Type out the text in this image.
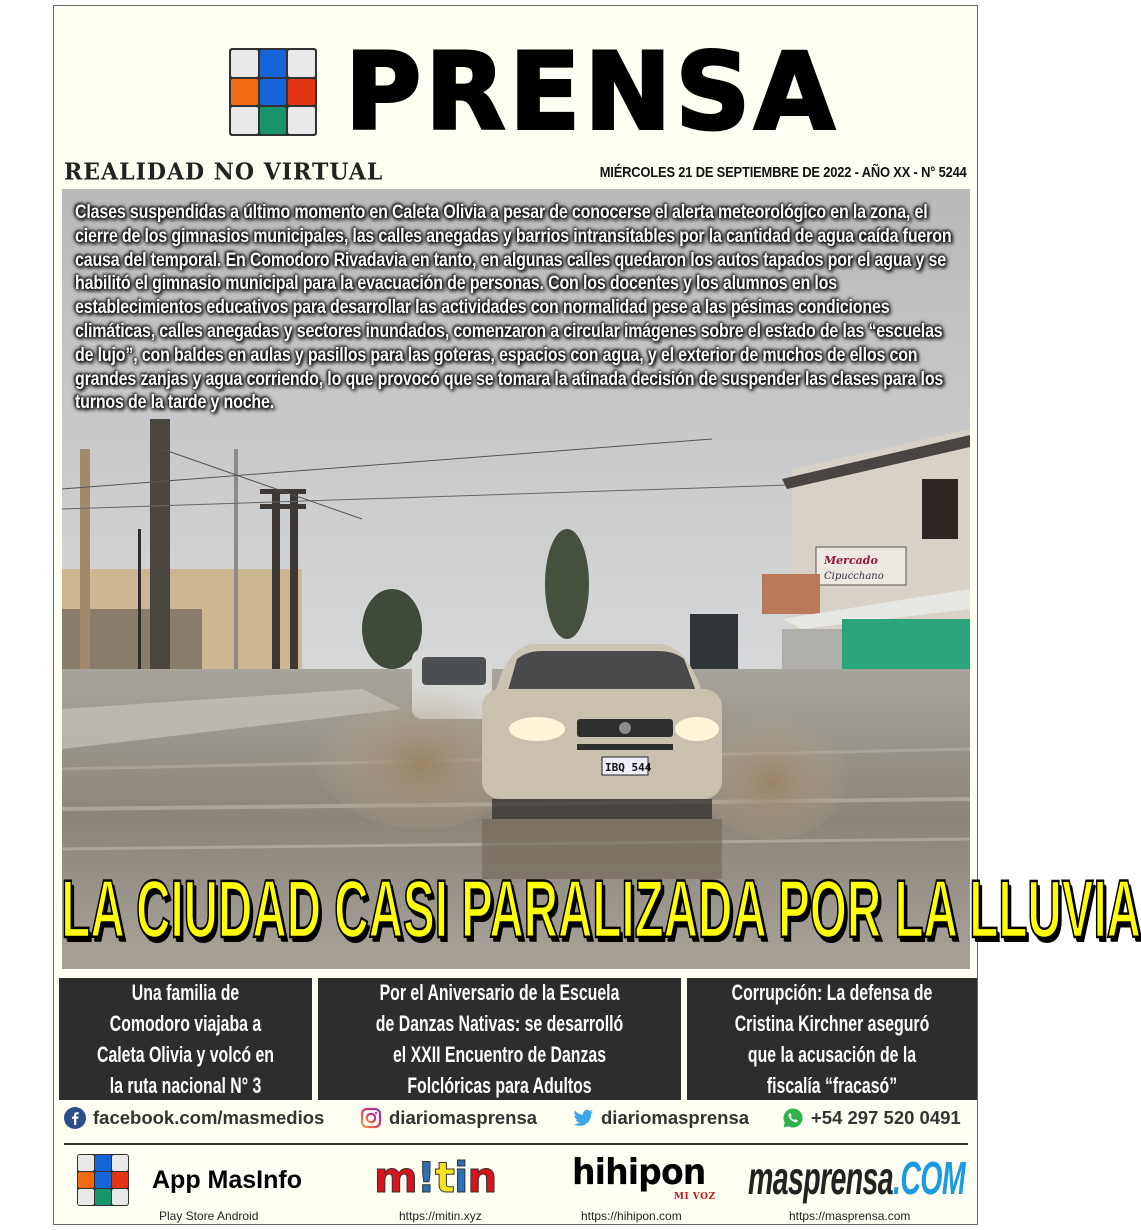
PRENSA
REALIDAD NO VIRTUAL	MIÉRCOLES 21 DE SEPTIEMBRE DE 2022 - AÑO XX - N° 5244
Mercado
Cipucchano
IBQ 544
Clases suspendidas a último momento en Caleta Olivia a pesar de conocerse el alerta meteorológico en la zona, el cierre de los gimnasios municipales, las calles anegadas y barrios intransitables por la cantidad de agua caída fueron causa del temporal. En Comodoro Rivadavia en tanto, en algunas calles quedaron los autos tapados por el agua y se habilitó el gimnasio municipal para la evacuación de personas. Con los docentes y los alumnos en los establecimientos educativos para desarrollar las actividades con normalidad pese a las pésimas condiciones climáticas, calles anegadas y sectores inundados, comenzaron a circular imágenes sobre el estado de las “escuelas de lujo”, con baldes en aulas y pasillos para las goteras, espacios con agua, y el exterior de muchos de ellos con grandes zanjas y agua corriendo, lo que provocó que se tomara la atinada decisión de suspender las clases para los turnos de la tarde y noche.
LA CIUDAD CASI PARALIZADA POR LA LLUVIA
Una familia de Comodoro viajaba a Caleta Olivia y volcó en la ruta nacional N° 3
Por el Aniversario de la Escuela de Danzas Nativas: se desarrolló el XXII Encuentro de Danzas Folclóricas para Adultos
Corrupción: La defensa de Cristina Kirchner aseguró que la acusación de la fiscalía “fracasó”
facebook.com/masmedios	diariomasprensa	diariomasprensa	+54 297 520 0491
App MasInfo
Play Store Android
m!tin
https://mitin.xyz
hihipon
MI VOZ
https://hihipon.com
masprensa.COM
https://masprensa.com
